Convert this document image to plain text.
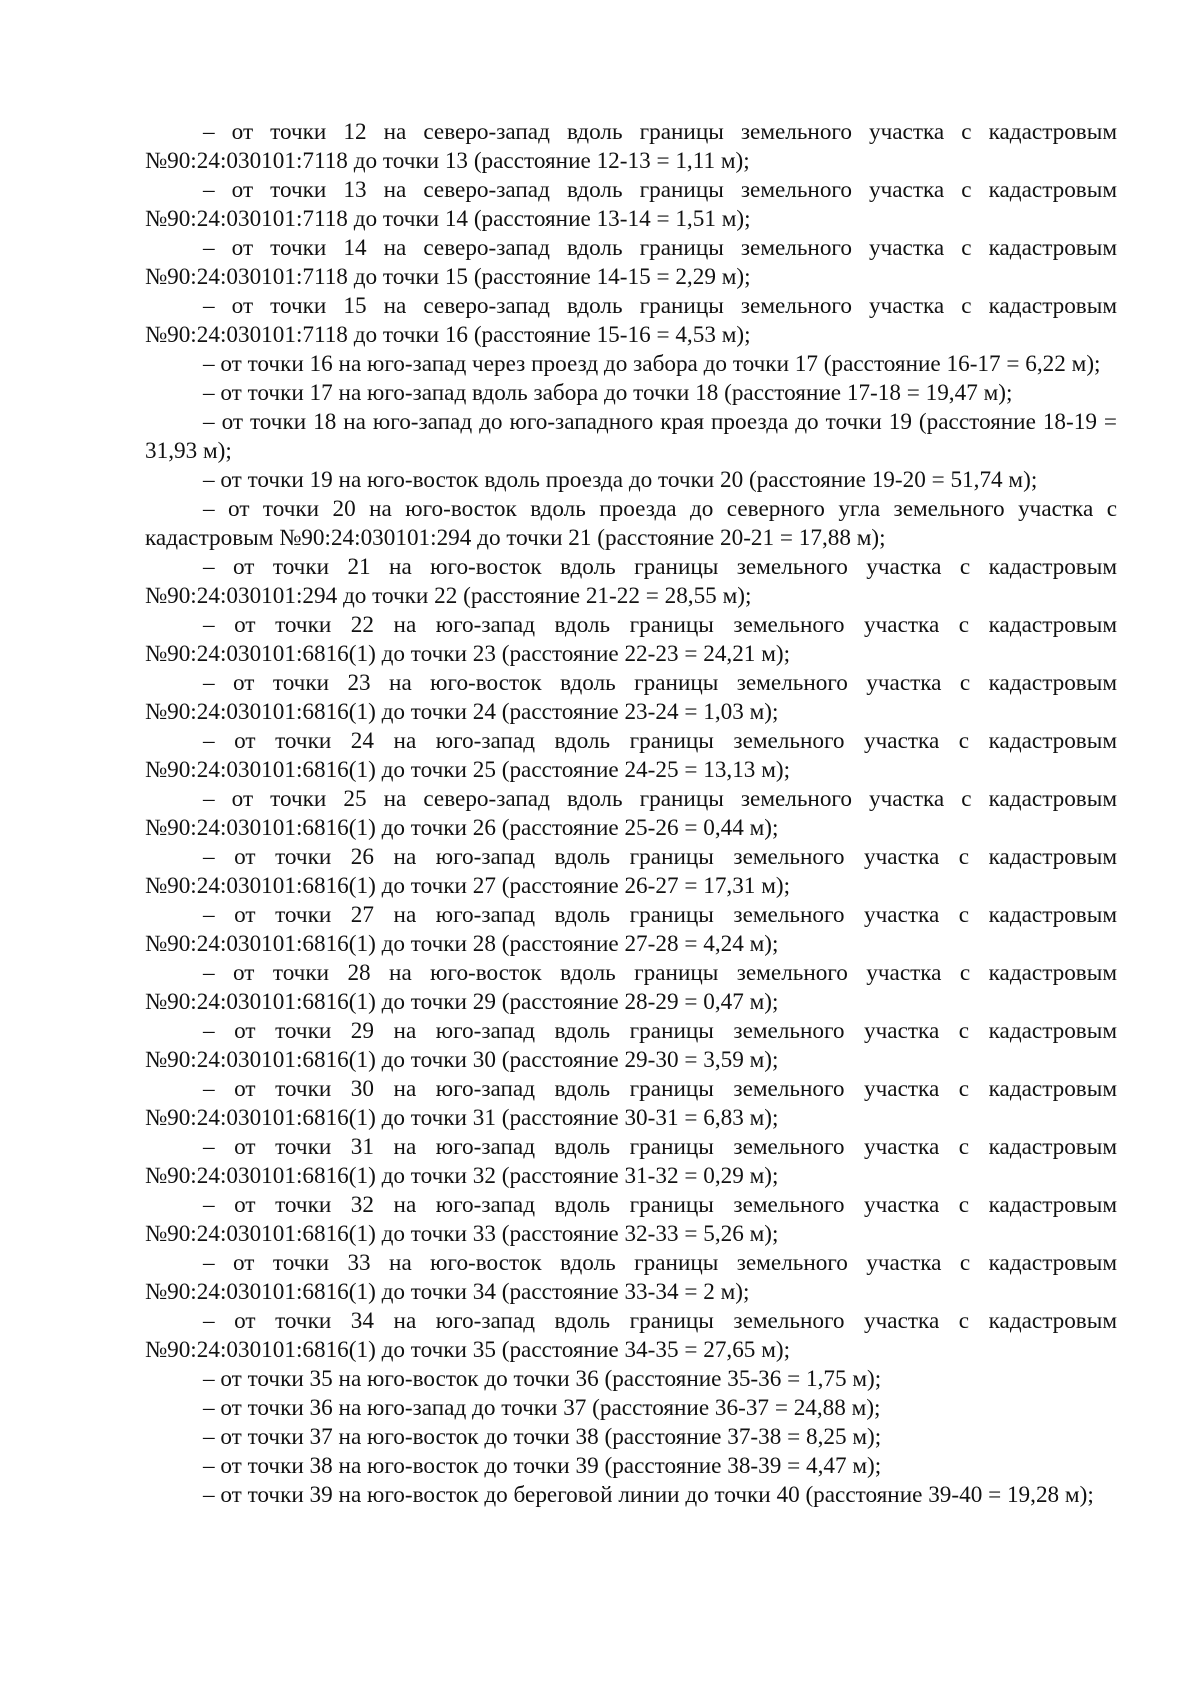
– от точки 12 на северо-запад вдоль границы земельного участка с кадастровым №90:24:030101:7118 до точки 13 (расстояние 12-13 = 1,11 м);

– от точки 13 на северо-запад вдоль границы земельного участка с кадастровым №90:24:030101:7118 до точки 14 (расстояние 13-14 = 1,51 м);

– от точки 14 на северо-запад вдоль границы земельного участка с кадастровым №90:24:030101:7118 до точки 15 (расстояние 14-15 = 2,29 м);

– от точки 15 на северо-запад вдоль границы земельного участка с кадастровым №90:24:030101:7118 до точки 16 (расстояние 15-16 = 4,53 м);

– от точки 16 на юго-запад через проезд до забора до точки 17 (расстояние 16-17 = 6,22 м);

– от точки 17 на юго-запад вдоль забора до точки 18 (расстояние 17-18 = 19,47 м);

– от точки 18 на юго-запад до юго-западного края проезда до точки 19 (расстояние 18-19 = 31,93 м);

– от точки 19 на юго-восток вдоль проезда до точки 20 (расстояние 19-20 = 51,74 м);

– от точки 20 на юго-восток вдоль проезда до северного угла земельного участка с кадастровым №90:24:030101:294 до точки 21 (расстояние 20-21 = 17,88 м);

– от точки 21 на юго-восток вдоль границы земельного участка с кадастровым №90:24:030101:294 до точки 22 (расстояние 21-22 = 28,55 м);

– от точки 22 на юго-запад вдоль границы земельного участка с кадастровым №90:24:030101:6816(1) до точки 23 (расстояние 22-23 = 24,21 м);

– от точки 23 на юго-восток вдоль границы земельного участка с кадастровым №90:24:030101:6816(1) до точки 24 (расстояние 23-24 = 1,03 м);

– от точки 24 на юго-запад вдоль границы земельного участка с кадастровым №90:24:030101:6816(1) до точки 25 (расстояние 24-25 = 13,13 м);

– от точки 25 на северо-запад вдоль границы земельного участка с кадастровым №90:24:030101:6816(1) до точки 26 (расстояние 25-26 = 0,44 м);

– от точки 26 на юго-запад вдоль границы земельного участка с кадастровым №90:24:030101:6816(1) до точки 27 (расстояние 26-27 = 17,31 м);

– от точки 27 на юго-запад вдоль границы земельного участка с кадастровым №90:24:030101:6816(1) до точки 28 (расстояние 27-28 = 4,24 м);

– от точки 28 на юго-восток вдоль границы земельного участка с кадастровым №90:24:030101:6816(1) до точки 29 (расстояние 28-29 = 0,47 м);

– от точки 29 на юго-запад вдоль границы земельного участка с кадастровым №90:24:030101:6816(1) до точки 30 (расстояние 29-30 = 3,59 м);

– от точки 30 на юго-запад вдоль границы земельного участка с кадастровым №90:24:030101:6816(1) до точки 31 (расстояние 30-31 = 6,83 м);

– от точки 31 на юго-запад вдоль границы земельного участка с кадастровым №90:24:030101:6816(1) до точки 32 (расстояние 31-32 = 0,29 м);

– от точки 32 на юго-запад вдоль границы земельного участка с кадастровым №90:24:030101:6816(1) до точки 33 (расстояние 32-33 = 5,26 м);

– от точки 33 на юго-восток вдоль границы земельного участка с кадастровым №90:24:030101:6816(1) до точки 34 (расстояние 33-34 = 2 м);

– от точки 34 на юго-запад вдоль границы земельного участка с кадастровым №90:24:030101:6816(1) до точки 35 (расстояние 34-35 = 27,65 м);

– от точки 35 на юго-восток до точки 36 (расстояние 35-36 = 1,75 м);

– от точки 36 на юго-запад до точки 37 (расстояние 36-37 = 24,88 м);

– от точки 37 на юго-восток до точки 38 (расстояние 37-38 = 8,25 м);

– от точки 38 на юго-восток до точки 39 (расстояние 38-39 = 4,47 м);

– от точки 39 на юго-восток до береговой линии до точки 40 (расстояние 39-40 = 19,28 м);
